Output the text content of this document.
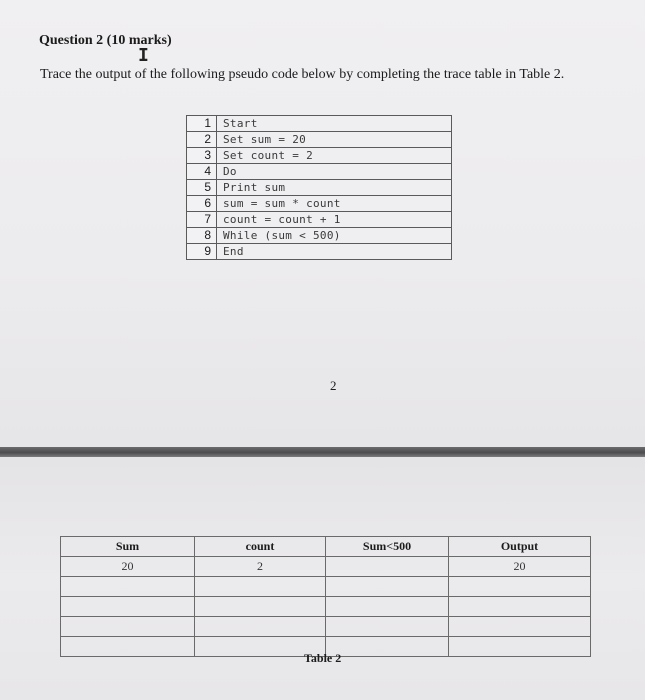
Question 2 (10 marks)
I
Trace the output of the following pseudo code below by completing the trace table in Table 2.
1	Start
2	Set sum = 20
3	Set count = 2
4	Do
5	Print sum
6	sum = sum * count
7	count = count + 1
8	While (sum < 500)
9	End
2
Sum	count	Sum<500	Output
20	2		20

Table 2
